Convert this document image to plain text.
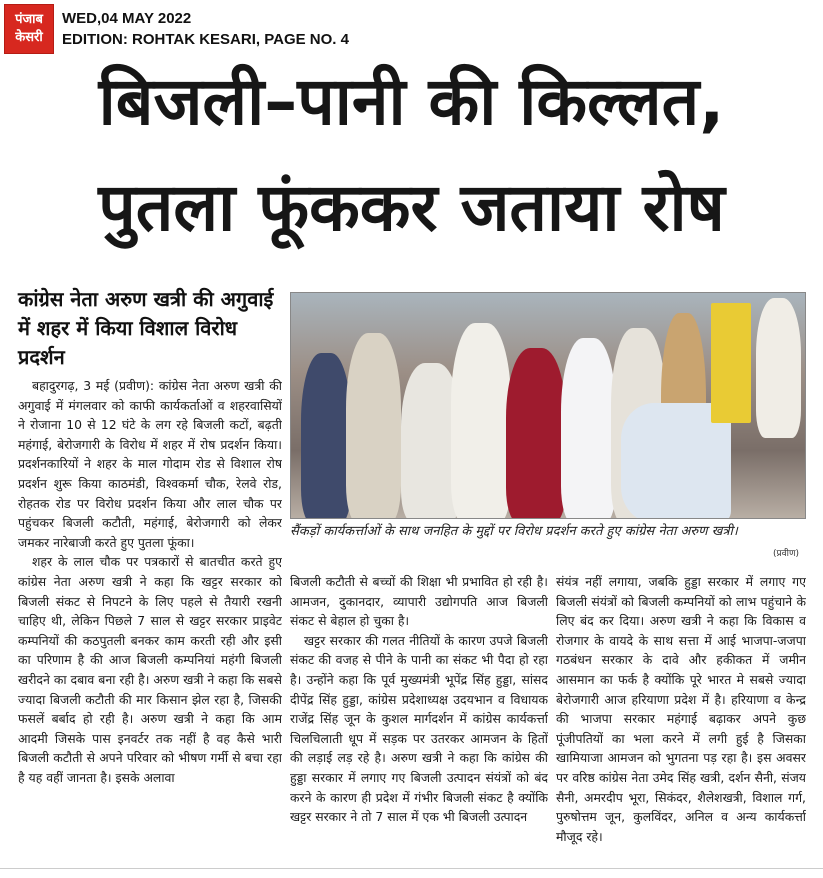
पंजाब
केसरी
WED,04 MAY 2022
EDITION: ROHTAK KESARI, PAGE NO. 4
बिजली–पानी की किल्लत,
पुतला फूंककर जताया रोष
कांग्रेस नेता अरुण खत्री की अगुवाई में शहर में किया विशाल विरोध प्रदर्शन
सैंकड़ों कार्यकर्त्ताओं के साथ जनहित के मुद्दों पर विरोध प्रदर्शन करते हुए कांग्रेस नेता अरुण खत्री।
(प्रवीण)

बहादुरगढ़, 3 मई (प्रवीण): कांग्रेस नेता अरुण खत्री की अगुवाई में मंगलवार को काफी कार्यकर्ताओं व शहरवासियों ने रोजाना 10 से 12 घंटे के लग रहे बिजली कटों, बढ़ती महंगाई, बेरोजगारी के विरोध में शहर में रोष प्रदर्शन किया। प्रदर्शनकारियों ने शहर के माल गोदाम रोड से विशाल रोष प्रदर्शन शुरू किया काठमंडी, विश्वकर्मा चौक, रेलवे रोड, रोहतक रोड पर विरोध प्रदर्शन किया और लाल चौक पर पहुंचकर बिजली कटौती, महंगाई, बेरोजगारी को लेकर जमकर नारेबाजी करते हुए पुतला फूंका।

शहर के लाल चौक पर पत्रकारों से बातचीत करते हुए कांग्रेस नेता अरुण खत्री ने कहा कि खट्टर सरकार को बिजली संकट से निपटने के लिए पहले से तैयारी रखनी चाहिए थी, लेकिन पिछले 7 साल से खट्टर सरकार प्राइवेट कम्पनियों की कठपुतली बनकर काम करती रही और इसी का परिणाम है की आज बिजली कम्पनियां महंगी बिजली खरीदने का दबाव बना रही है। अरुण खत्री ने कहा कि सबसे ज्यादा बिजली कटौती की मार किसान झेल रहा है, जिसकी फसलें बर्बाद हो रही है। अरुण खत्री ने कहा कि आम आदमी जिसके पास इनवर्टर तक नहीं है वह कैसे भारी बिजली कटौती से अपने परिवार को भीषण गर्मी से बचा रहा है यह वहीं जानता है। इसके अलावा

बिजली कटौती से बच्चों की शिक्षा भी प्रभावित हो रही है। आमजन, दुकानदार, व्यापारी उद्योगपति आज बिजली संकट से बेहाल हो चुका है।

खट्टर सरकार की गलत नीतियों के कारण उपजे बिजली संकट की वजह से पीने के पानी का संकट भी पैदा हो रहा है। उन्होंने कहा कि पूर्व मुख्यमंत्री भूपेंद्र सिंह हुड्डा, सांसद दीपेंद्र सिंह हुड्डा, कांग्रेस प्रदेशाध्यक्ष उदयभान व विधायक राजेंद्र सिंह जून के कुशल मार्गदर्शन में कांग्रेस कार्यकर्त्ता चिलचिलाती धूप में सड़क पर उतरकर आमजन के हितों की लड़ाई लड़ रहे है। अरुण खत्री ने कहा कि कांग्रेस की हुड्डा सरकार में लगाए गए बिजली उत्पादन संयंत्रों को बंद करने के कारण ही प्रदेश में गंभीर बिजली संकट है क्योंकि खट्टर सरकार ने तो 7 साल में एक भी बिजली उत्पादन

संयंत्र नहीं लगाया, जबकि हुड्डा सरकार में लगाए गए बिजली संयंत्रों को बिजली कम्पनियों को लाभ पहुंचाने के लिए बंद कर दिया। अरुण खत्री ने कहा कि विकास व रोजगार के वायदे के साथ सत्ता में आई भाजपा-जजपा गठबंधन सरकार के दावे और हकीकत में जमीन आसमान का फर्क है क्योंकि पूरे भारत मे सबसे ज्यादा बेरोजगारी आज हरियाणा प्रदेश में है। हरियाणा व केन्द्र की भाजपा सरकार महंगाई बढ़ाकर अपने कुछ पूंजीपतियों का भला करने में लगी हुई है जिसका खामियाजा आमजन को भुगतना पड़ रहा है। इस अवसर पर वरिष्ठ कांग्रेस नेता उमेद सिंह खत्री, दर्शन सैनी, संजय सैनी, अमरदीप भूरा, सिकंदर, शैलेशखत्री, विशाल गर्ग, पुरुषोत्तम जून, कुलविंदर, अनिल व अन्य कार्यकर्त्ता मौजूद रहे।
